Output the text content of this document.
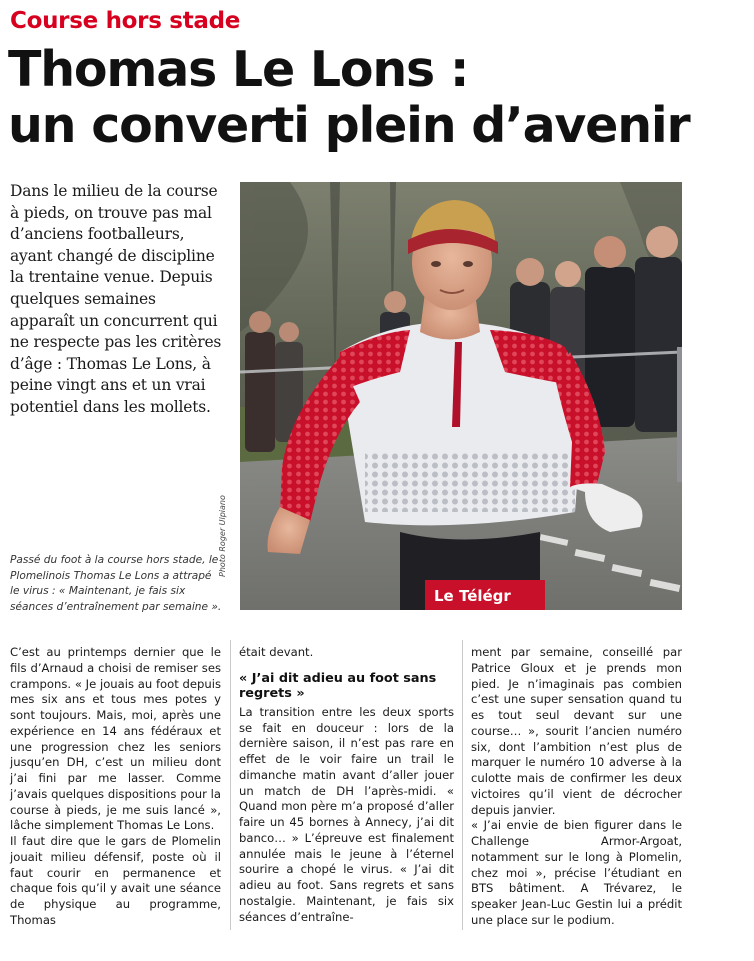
Course hors stade
Thomas Le Lons :
un converti plein d’avenir
Dans le milieu de la course à pieds, on trouve pas mal d’anciens footballeurs, ayant changé de discipline la trentaine venue. Depuis quelques semaines apparaît un concurrent qui ne respecte pas les critères d’âge : Thomas Le Lons, à peine vingt ans et un vrai potentiel dans les mollets.
Le Télégr
Photo Roger Ulpiano
Passé du foot à la course hors stade, le Plomelinois Thomas Le Lons a attrapé le virus : « Maintenant, je fais six séances d’entraînement par semaine ».

C’est au printemps dernier que le fils d’Arnaud a choisi de remiser ses crampons. « Je jouais au foot depuis mes six ans et tous mes potes y sont toujours. Mais, moi, après une expérience en 14 ans fédéraux et une progression chez les seniors jusqu’en DH, c’est un milieu dont j’ai fini par me lasser. Comme j’avais quelques dispositions pour la course à pieds, je me suis lancé », lâche simplement Thomas Le Lons.

Il faut dire que le gars de Plomelin jouait milieu défensif, poste où il faut courir en permanence et chaque fois qu’il y avait une séance de physique au programme, Thomas

était devant.

« J’ai dit adieu au foot sans regrets »

La transition entre les deux sports se fait en douceur : lors de la dernière saison, il n’est pas rare en effet de le voir faire un trail le dimanche matin avant d’aller jouer un match de DH l’après-midi. « Quand mon père m’a proposé d’aller faire un 45 bornes à Annecy, j’ai dit banco… » L’épreuve est finalement annulée mais le jeune à l’éternel sourire a chopé le virus. « J’ai dit adieu au foot. Sans regrets et sans nostalgie. Maintenant, je fais six séances d’entraîne-

ment par semaine, conseillé par Patrice Gloux et je prends mon pied. Je n’imaginais pas combien c’est une super sensation quand tu es tout seul devant sur une course… », sourit l’ancien numéro six, dont l’ambition n’est plus de marquer le numéro 10 adverse à la culotte mais de confirmer les deux victoires qu’il vient de décrocher depuis janvier.

« J’ai envie de bien figurer dans le Challenge Armor-Argoat, notamment sur le long à Plomelin, chez moi », précise l’étudiant en BTS bâtiment. A Trévarez, le speaker Jean-Luc Gestin lui a prédit une place sur le podium.
